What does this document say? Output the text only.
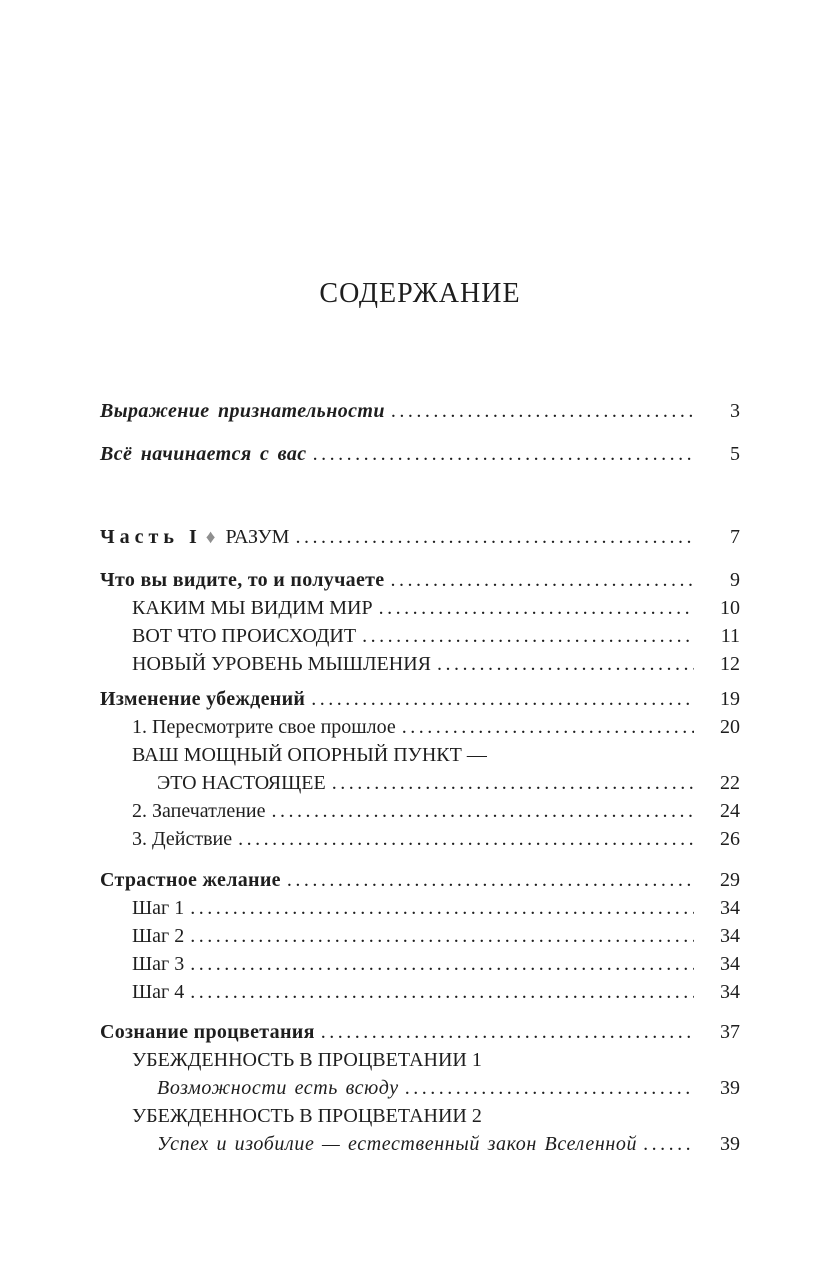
СОДЕРЖАНИЕ
Выражение признательности .....	3
Всё начинается с вас .....	5
Часть I ♦ РАЗУМ .....	7
Что вы видите, то и получаете .....	9
КАКИМ МЫ ВИДИМ МИР .....	10
ВОТ ЧТО ПРОИСХОДИТ .....	11
НОВЫЙ УРОВЕНЬ МЫШЛЕНИЯ .....	12
Изменение убеждений .....	19
1. Пересмотрите свое прошлое .....	20
ВАШ МОЩНЫЙ ОПОРНЫЙ ПУНКТ —
ЭТО НАСТОЯЩЕЕ .....	22
2. Запечатление .....	24
3. Действие .....	26
Страстное желание .....	29
Шаг 1 .....	34
Шаг 2 .....	34
Шаг 3 .....	34
Шаг 4 .....	34
Сознание процветания .....	37
УБЕЖДЕННОСТЬ В ПРОЦВЕТАНИИ 1
Возможности есть всюду .....	39
УБЕЖДЕННОСТЬ В ПРОЦВЕТАНИИ 2
Успех и изобилие — естественный закон Вселенной .....	39
